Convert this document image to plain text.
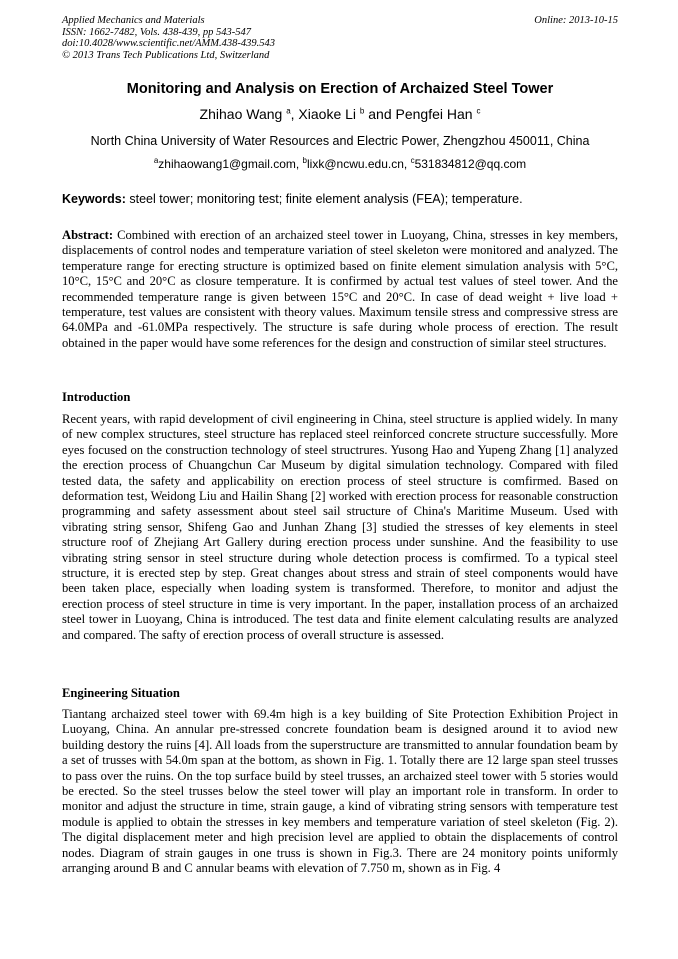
Applied Mechanics and Materials
ISSN: 1662-7482, Vols. 438-439, pp 543-547
doi:10.4028/www.scientific.net/AMM.438-439.543
© 2013 Trans Tech Publications Ltd, Switzerland
Online: 2013-10-15
Monitoring and Analysis on Erection of Archaized Steel Tower
Zhihao Wang $^a$, Xiaoke Li $^b$ and Pengfei Han $^c$
North China University of Water Resources and Electric Power, Zhengzhou 450011, China
$^a$zhihaowang1@gmail.com, $^b$lixk@ncwu.edu.cn, $^c$531834812@qq.com
Keywords: steel tower; monitoring test; finite element analysis (FEA); temperature.
Abstract: Combined with erection of an archaized steel tower in Luoyang, China, stresses in key members, displacements of control nodes and temperature variation of steel skeleton were monitored and analyzed. The temperature range for erecting structure is optimized based on finite element simulation analysis with 5°C, 10°C, 15°C and 20°C as closure temperature. It is confirmed by actual test values of steel tower. And the recommended temperature range is given between 15°C and 20°C. In case of dead weight + live load + temperature, test values are consistent with theory values. Maximum tensile stress and compressive stress are 64.0MPa and -61.0MPa respectively. The structure is safe during whole process of erection. The result obtained in the paper would have some references for the design and construction of similar steel structures.
Introduction
Recent years, with rapid development of civil engineering in China, steel structure is applied widely. In many of new complex structures, steel structure has replaced steel reinforced concrete structure successfully. More eyes focused on the construction technology of steel structrures. Yusong Hao and Yupeng Zhang [1] analyzed the erection process of Chuangchun Car Museum by digital simulation technology. Compared with filed tested data, the safety and applicability on erection process of steel structure is comfirmed. Based on deformation test, Weidong Liu and Hailin Shang [2] worked with erection process for reasonable construction programming and safety assessment about steel sail structure of China's Maritime Museum. Used with vibrating string sensor, Shifeng Gao and Junhan Zhang [3] studied the stresses of key elements in steel structure roof of Zhejiang Art Gallery during erection process under sunshine. And the feasibility to use vibrating string sensor in steel structure during whole detection process is comfirmed. To a typical steel structure, it is erected step by step. Great changes about stress and strain of steel components would have been taken place, especially when loading system is transformed. Therefore, to monitor and adjust the erection process of steel structure in time is very important. In the paper, installation process of an archaized steel tower in Luoyang, China is introduced. The test data and finite element calculating results are analyzed and compared. The safty of erection process of overall structure is assessed.
Engineering Situation
Tiantang archaized steel tower with 69.4m high is a key building of Site Protection Exhibition Project in Luoyang, China. An annular pre-stressed concrete foundation beam is designed around it to aviod new building destory the ruins [4]. All loads from the superstructure are transmitted to annular foundation beam by a set of trusses with 54.0m span at the bottom, as shown in Fig. 1. Totally there are 12 large span steel trusses to pass over the ruins. On the top surface build by steel trusses, an archaized steel tower with 5 stories would be erected. So the steel trusses below the steel tower will play an important role in transform. In order to monitor and adjust the structure in time, strain gauge, a kind of vibrating string sensors with temperature test module is applied to obtain the stresses in key members and temperature variation of steel skeleton (Fig. 2). The digital displacement meter and high precision level are applied to obtain the displacements of control nodes. Diagram of strain gauges in one truss is shown in Fig.3. There are 24 monitory points uniformly arranging around B and C annular beams with elevation of 7.750 m, shown as in Fig. 4
